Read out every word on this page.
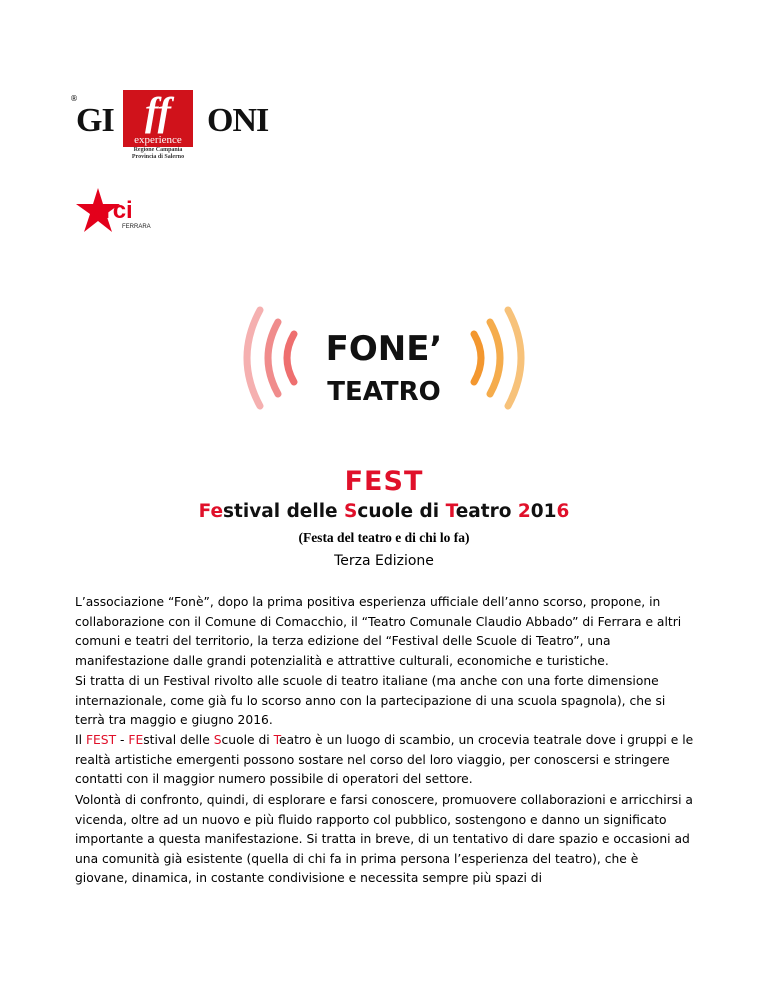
®
GI ff	ONI
experience
Regione Campania
Provincia di Salerno
arci
FERRARA
FONE’
TEATRO
FEST
Festival delle Scuole di Teatro 2016
(Festa del teatro e di chi lo fa)
Terza Edizione
L’associazione “Fonè”, dopo la prima positiva esperienza ufficiale dell’anno scorso, propone, in collaborazione con il Comune di Comacchio, il “Teatro Comunale Claudio Abbado” di Ferrara e altri comuni e teatri del territorio, la terza edizione del “Festival delle Scuole di Teatro”, una manifestazione dalle grandi potenzialità e attrattive culturali, economiche e turistiche.
Si tratta di un Festival rivolto alle scuole di teatro italiane (ma anche con una forte dimensione internazionale, come già fu lo scorso anno con la partecipazione di una scuola spagnola), che si terrà tra maggio e giugno 2016.
Il FEST - FEstival delle Scuole di Teatro è un luogo di scambio, un crocevia teatrale dove i gruppi e le realtà artistiche emergenti possono sostare nel corso del loro viaggio, per conoscersi e stringere contatti con il maggior numero possibile di operatori del settore.
Volontà di confronto, quindi, di esplorare e farsi conoscere, promuovere collaborazioni e arricchirsi a vicenda, oltre ad un nuovo e più fluido rapporto col pubblico, sostengono e danno un significato importante a questa manifestazione. Si tratta in breve, di un tentativo di dare spazio e occasioni ad una comunità già esistente (quella di chi fa in prima persona l’esperienza del teatro), che è giovane, dinamica, in costante condivisione e necessita sempre più spazi di
